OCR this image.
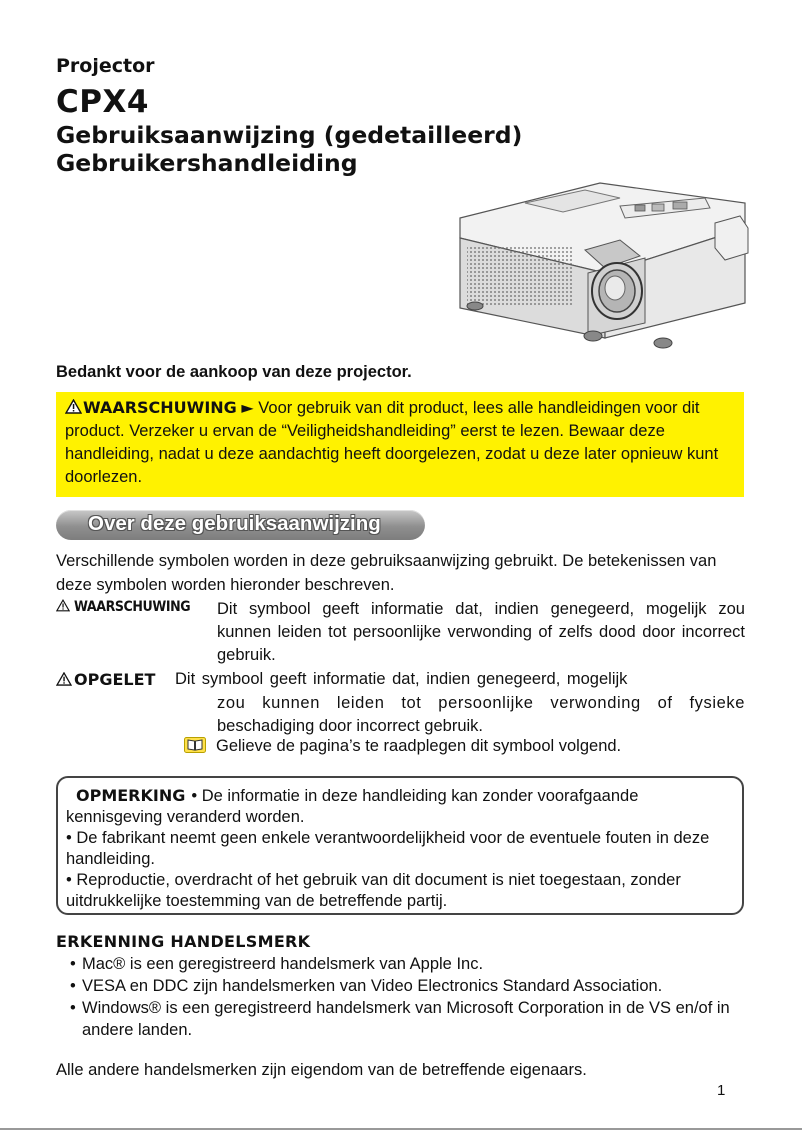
Projector
CPX4
Gebruiksaanwijzing (gedetailleerd)
Gebruikershandleiding
Bedankt voor de aankoop van deze projector.
WAARSCHUWING ► Voor gebruik van dit product, lees alle handleidingen voor dit product. Verzeker u ervan de “Veiligheidshandleiding” eerst te lezen. Bewaar deze handleiding, nadat u deze aandachtig heeft doorgelezen, zodat u deze later opnieuw kunt doorlezen.
Over deze gebruiksaanwijzing
Verschillende symbolen worden in deze gebruiksaanwijzing gebruikt. De betekenissen van deze symbolen worden hieronder beschreven.
WAARSCHUWING Dit symbool geeft informatie dat, indien genegeerd, mogelijk zou kunnen leiden tot persoonlijke verwonding of zelfs dood door incorrect gebruik.
OPGELET Dit symbool geeft informatie dat, indien genegeerd, mogelijk
zou kunnen leiden tot persoonlijke verwonding of fysieke
beschadiging door incorrect gebruik.
Gelieve de pagina’s te raadplegen dit symbool volgend.
OPMERKING • De informatie in deze handleiding kan zonder voorafgaande kennisgeving veranderd worden.
• De fabrikant neemt geen enkele verantwoordelijkheid voor de eventuele fouten in deze handleiding.
• Reproductie, overdracht of het gebruik van dit document is niet toegestaan, zonder uitdrukkelijke toestemming van de betreffende partij.
ERKENNING HANDELSMERK
• Mac® is een geregistreerd handelsmerk van Apple Inc.
• VESA en DDC zijn handelsmerken van Video Electronics Standard Association.
• Windows® is een geregistreerd handelsmerk van Microsoft Corporation in de VS en/of in andere landen.
Alle andere handelsmerken zijn eigendom van de betreffende eigenaars.
1
